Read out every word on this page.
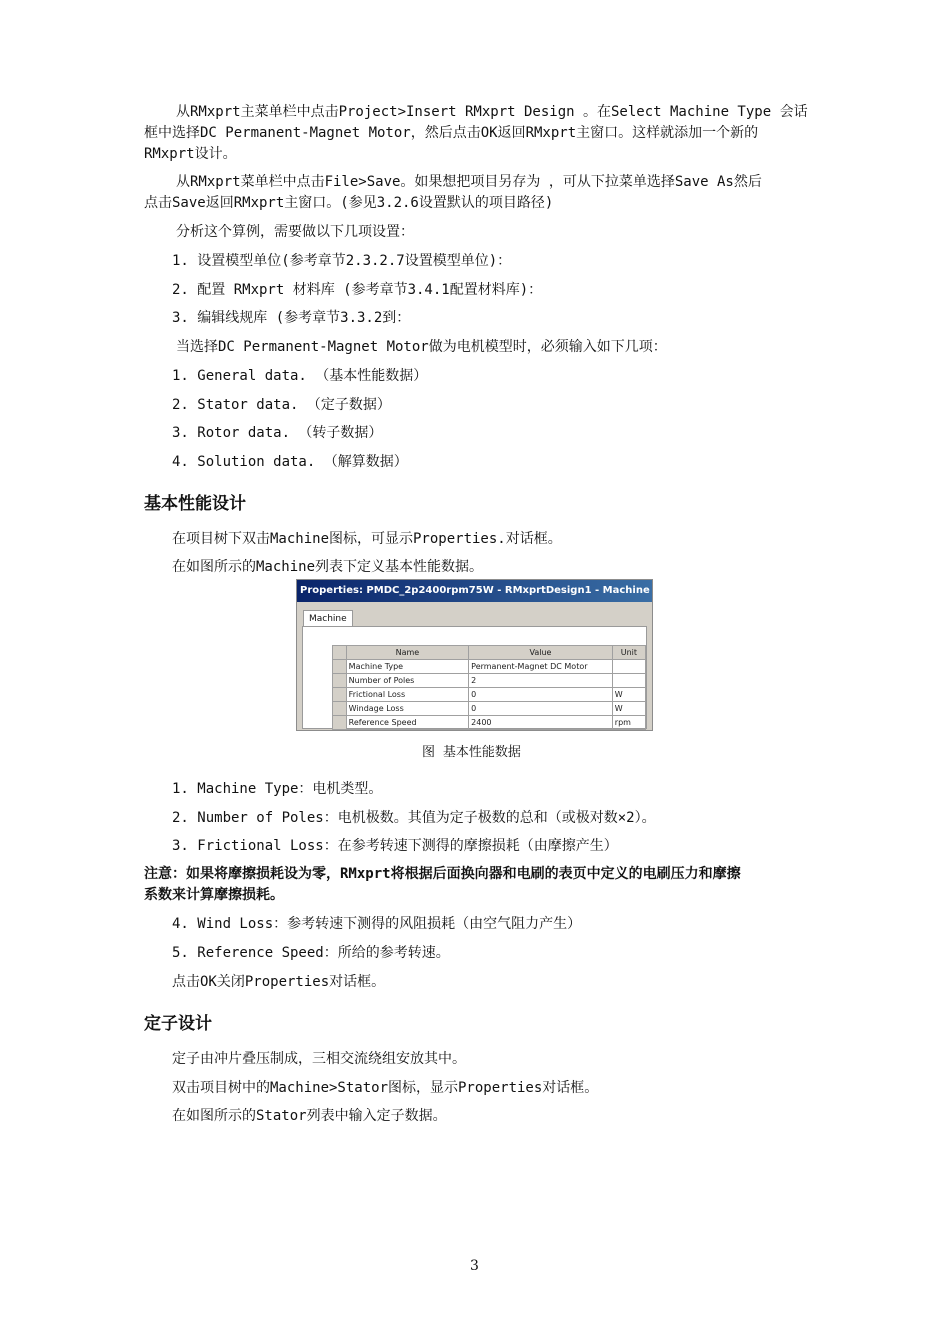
从RMxprt主菜单栏中点击Project>Insert RMxprt Design 。在Select Machine Type 会话
框中选择DC Permanent-Magnet Motor，然后点击OK返回RMxprt主窗口。这样就添加一个新的
RMxprt设计。
从RMxprt菜单栏中点击File>Save。如果想把项目另存为 ，可从下拉菜单选择Save As然后
点击Save返回RMxprt主窗口。(参见3.2.6设置默认的项目路径)
分析这个算例，需要做以下几项设置：
1. 设置模型单位(参考章节2.3.2.7设置模型单位)：
2. 配置 RMxprt 材料库 (参考章节3.4.1配置材料库)：
3. 编辑线规库 (参考章节3.3.2到：
当选择DC Permanent-Magnet Motor做为电机模型时，必须输入如下几项：
1. General data. （基本性能数据）
2. Stator data. （定子数据）
3. Rotor data. （转子数据）
4. Solution data. （解算数据）
基本性能设计
在项目树下双击Machine图标，可显示Properties.对话框。
在如图所示的Machine列表下定义基本性能数据。
Properties: PMDC_2p2400rpm75W - RMxprtDesign1 - Machine
Machine
	Name	Value	Unit
	Machine Type	Permanent-Magnet DC Motor	
	Number of Poles	2	
	Frictional Loss	0	W
	Windage Loss	0	W
	Reference Speed	2400	rpm
图 基本性能数据
1. Machine Type：电机类型。
2. Number of Poles：电机极数。其值为定子极数的总和（或极对数×2）。
3. Frictional Loss：在参考转速下测得的摩擦损耗（由摩擦产生）
注意：如果将摩擦损耗设为零，RMxprt将根据后面换向器和电刷的表页中定义的电刷压力和摩擦
系数来计算摩擦损耗。
4. Wind Loss：参考转速下测得的风阻损耗（由空气阻力产生）
5. Reference Speed：所给的参考转速。
点击OK关闭Properties对话框。
定子设计
定子由冲片叠压制成，三相交流绕组安放其中。
双击项目树中的Machine>Stator图标，显示Properties对话框。
在如图所示的Stator列表中输入定子数据。
3
